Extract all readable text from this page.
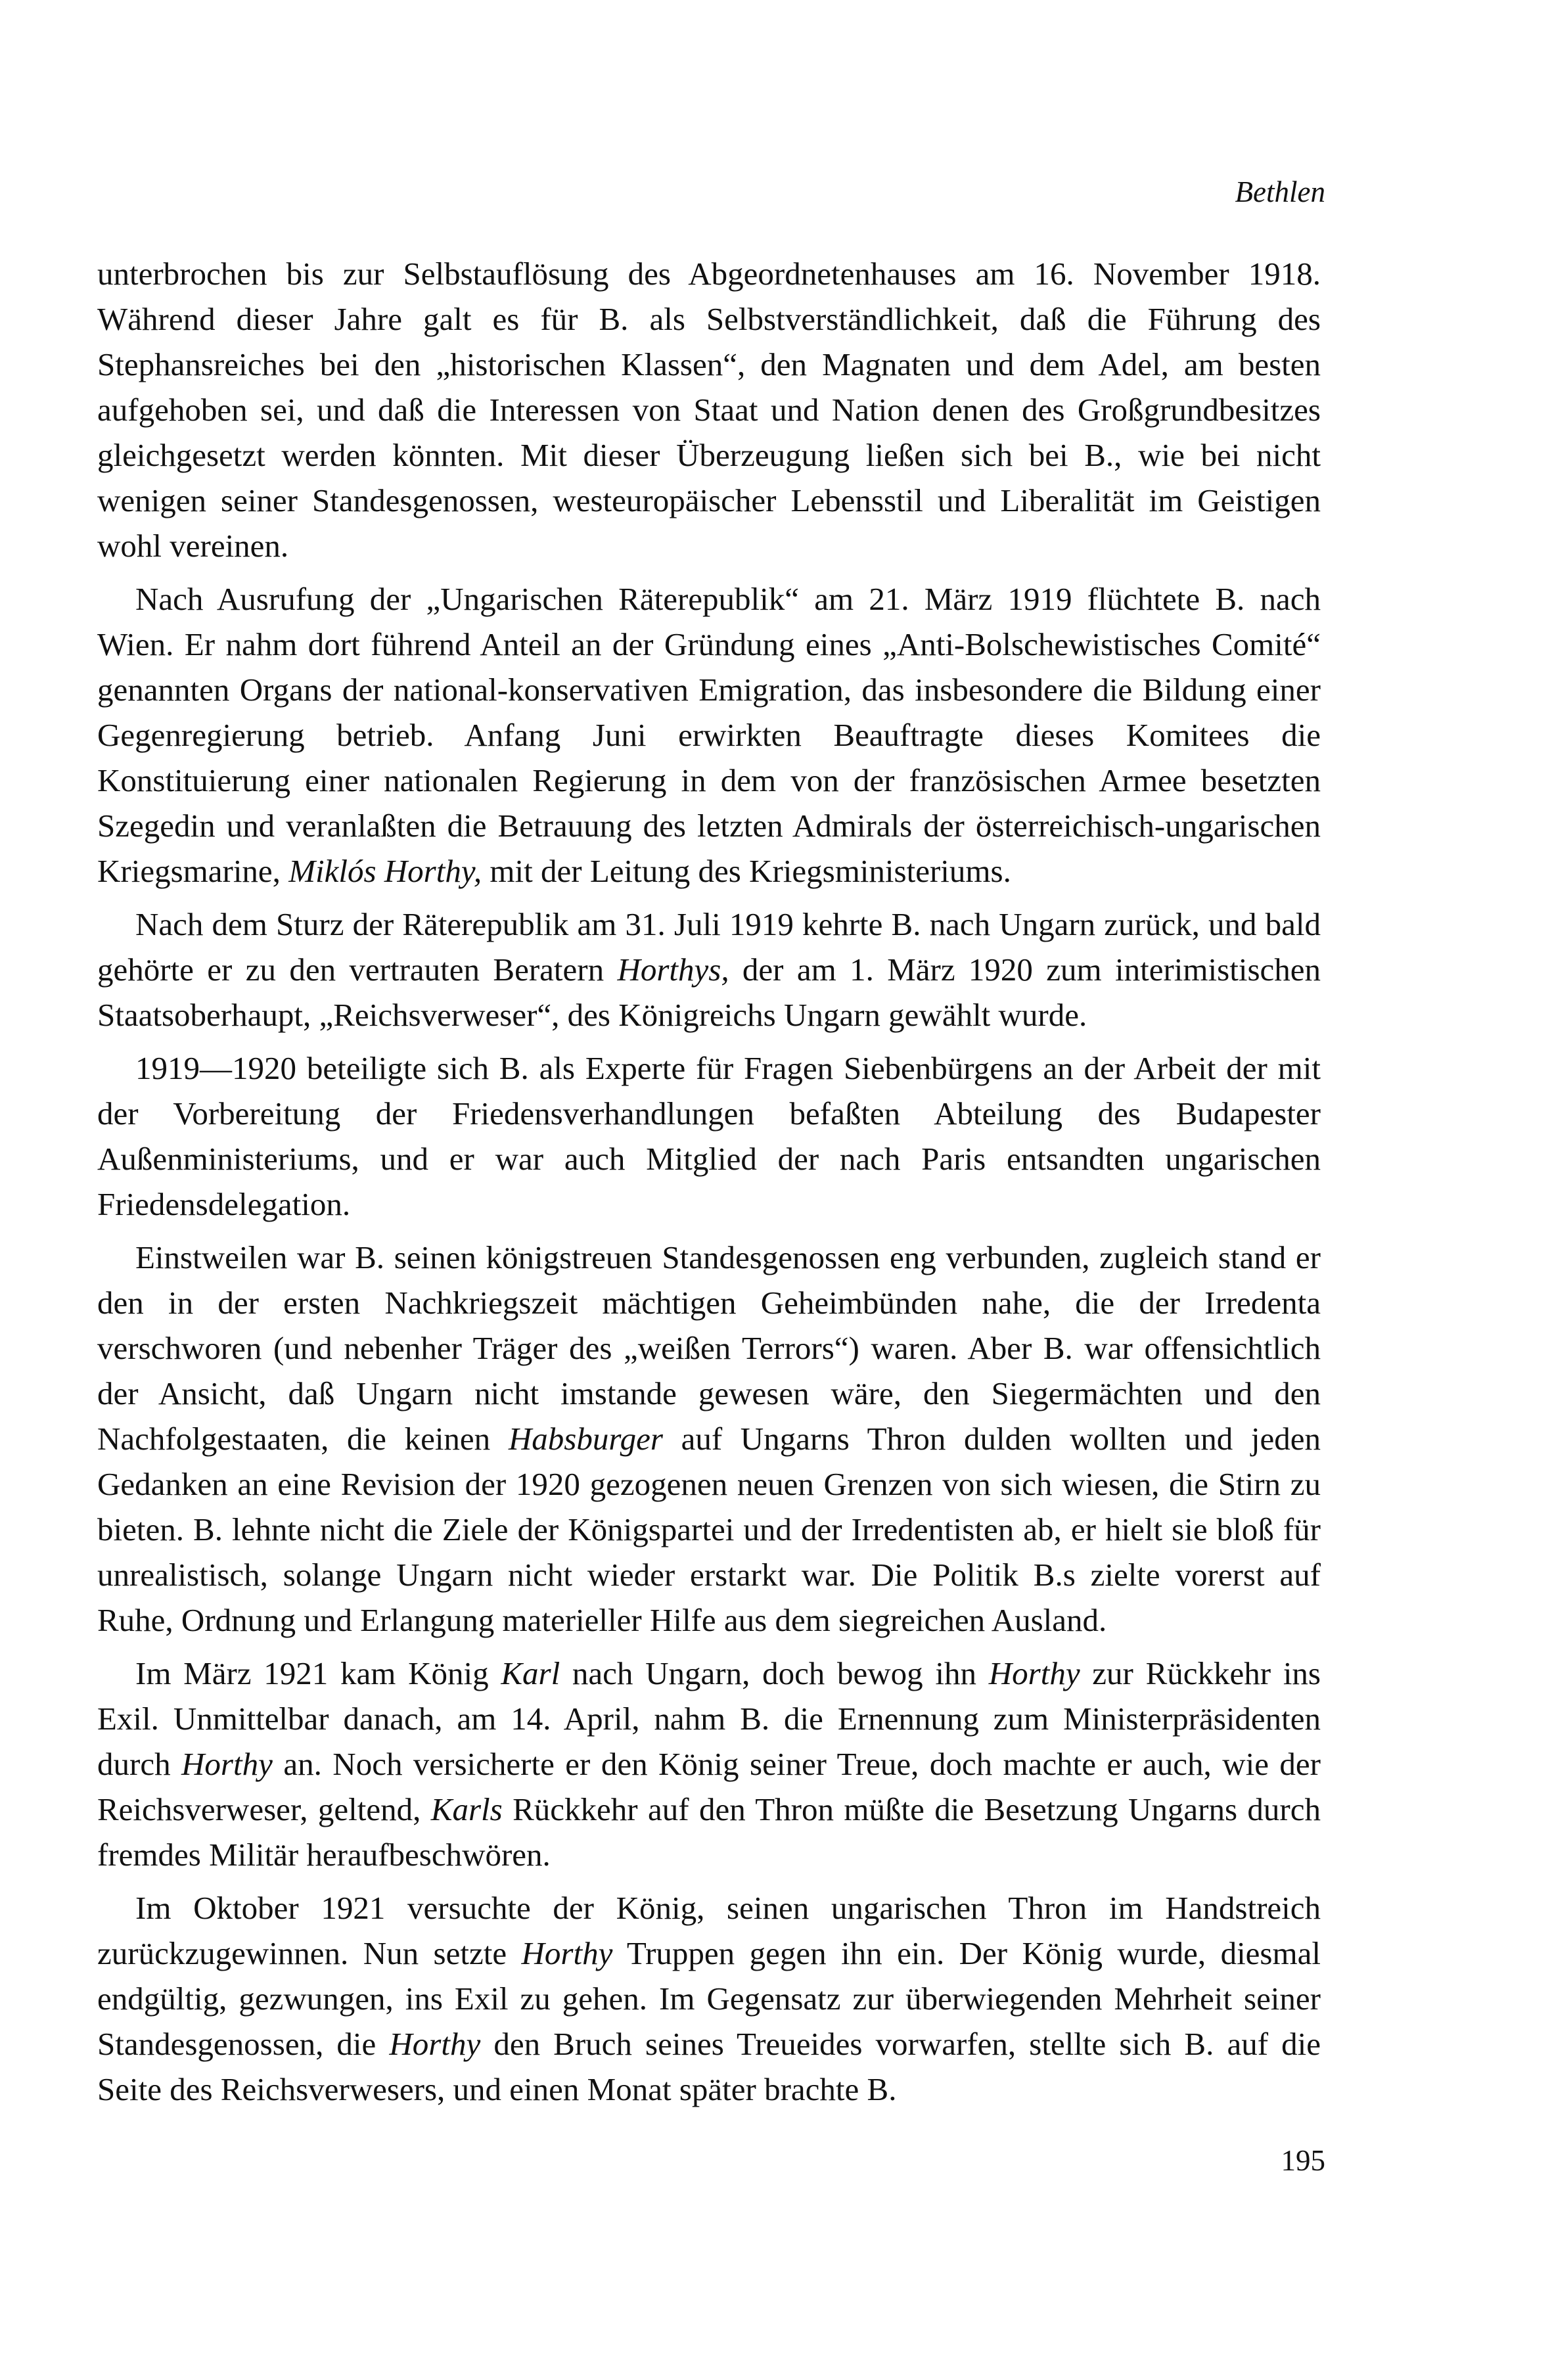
Bethlen

unterbrochen bis zur Selbstauflösung des Abgeordnetenhauses am 16. November 1918. Während dieser Jahre galt es für B. als Selbstverständlichkeit, daß die Führung des Stephansreiches bei den „historischen Klassen“, den Magnaten und dem Adel, am besten aufgehoben sei, und daß die Interessen von Staat und Nation denen des Großgrundbesitzes gleichgesetzt werden könnten. Mit dieser Überzeugung ließen sich bei B., wie bei nicht wenigen seiner Standesgenossen, westeuropäischer Lebensstil und Liberalität im Geistigen wohl vereinen.

Nach Ausrufung der „Ungarischen Räterepublik“ am 21. März 1919 flüchtete B. nach Wien. Er nahm dort führend Anteil an der Gründung eines „Anti-Bolschewistisches Comité“ genannten Organs der national-konservativen Emigration, das insbesondere die Bildung einer Gegenregierung betrieb. Anfang Juni erwirkten Beauftragte dieses Komitees die Konstituierung einer nationalen Regierung in dem von der französischen Armee besetzten Szegedin und veranlaßten die Betrauung des letzten Admirals der österreichisch-ungarischen Kriegsmarine, Miklós Horthy, mit der Leitung des Kriegsministeriums.

Nach dem Sturz der Räterepublik am 31. Juli 1919 kehrte B. nach Ungarn zurück, und bald gehörte er zu den vertrauten Beratern Horthys, der am 1. März 1920 zum interimistischen Staatsoberhaupt, „Reichsverweser“, des Königreichs Ungarn gewählt wurde.

1919—1920 beteiligte sich B. als Experte für Fragen Siebenbürgens an der Arbeit der mit der Vorbereitung der Friedensverhandlungen befaßten Abteilung des Budapester Außenministeriums, und er war auch Mitglied der nach Paris entsandten ungarischen Friedensdelegation.

Einstweilen war B. seinen königstreuen Standesgenossen eng verbunden, zugleich stand er den in der ersten Nachkriegszeit mächtigen Geheimbünden nahe, die der Irredenta verschworen (und nebenher Träger des „weißen Terrors“) waren. Aber B. war offensichtlich der Ansicht, daß Ungarn nicht imstande gewesen wäre, den Siegermächten und den Nachfolgestaaten, die keinen Habsburger auf Ungarns Thron dulden wollten und jeden Gedanken an eine Revision der 1920 gezogenen neuen Grenzen von sich wiesen, die Stirn zu bieten. B. lehnte nicht die Ziele der Königspartei und der Irredentisten ab, er hielt sie bloß für unrealistisch, solange Ungarn nicht wieder erstarkt war. Die Politik B.s zielte vorerst auf Ruhe, Ordnung und Erlangung materieller Hilfe aus dem siegreichen Ausland.

Im März 1921 kam König Karl nach Ungarn, doch bewog ihn Horthy zur Rückkehr ins Exil. Unmittelbar danach, am 14. April, nahm B. die Ernennung zum Ministerpräsidenten durch Horthy an. Noch versicherte er den König seiner Treue, doch machte er auch, wie der Reichsverweser, geltend, Karls Rückkehr auf den Thron müßte die Besetzung Ungarns durch fremdes Militär heraufbeschwören.

Im Oktober 1921 versuchte der König, seinen ungarischen Thron im Handstreich zurückzugewinnen. Nun setzte Horthy Truppen gegen ihn ein. Der König wurde, diesmal endgültig, gezwungen, ins Exil zu gehen. Im Gegensatz zur überwiegenden Mehrheit seiner Standesgenossen, die Horthy den Bruch seines Treueides vorwarfen, stellte sich B. auf die Seite des Reichsverwesers, und einen Monat später brachte B.

195
